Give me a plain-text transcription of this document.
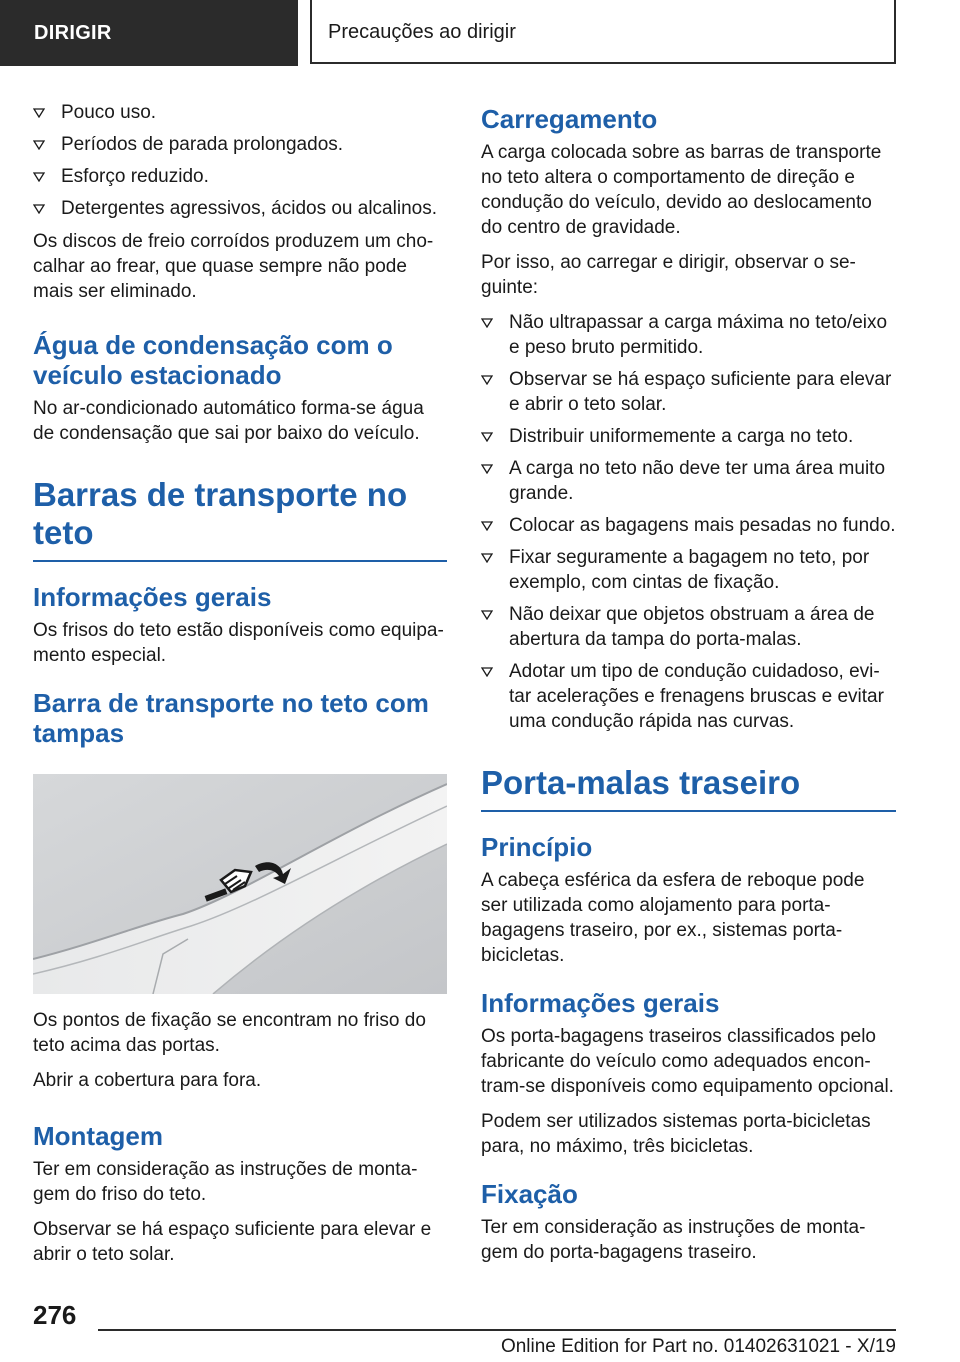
DIRIGIR	Precauções ao dirigir
Pouco uso.
Períodos de parada prolongados.
Esforço reduzido.
Detergentes agressivos, ácidos ou alcalinos.

Os discos de freio corroídos produzem um cho‐calhar ao frear, que quase sempre não pode mais ser eliminado.

Água de condensação com o veículo estacionado

No ar‐condicionado automático forma‐se água de condensação que sai por baixo do veículo.

Barras de transporte no teto
Informações gerais

Os frisos do teto estão disponíveis como equipa‐mento especial.

Barra de transporte no teto com tampas

Os pontos de fixação se encontram no friso do teto acima das portas.

Abrir a cobertura para fora.

Montagem

Ter em consideração as instruções de monta‐gem do friso do teto.

Observar se há espaço suficiente para elevar e abrir o teto solar.

Carregamento

A carga colocada sobre as barras de transporte no teto altera o comportamento de direção e condução do veículo, devido ao deslocamento do centro de gravidade.

Por isso, ao carregar e dirigir, observar o se‐guinte:

Não ultrapassar a carga máxima no teto/eixo e peso bruto permitido.
Observar se há espaço suficiente para elevar e abrir o teto solar.
Distribuir uniformemente a carga no teto.
A carga no teto não deve ter uma área muito grande.
Colocar as bagagens mais pesadas no fundo.
Fixar seguramente a bagagem no teto, por exemplo, com cintas de fixação.
Não deixar que objetos obstruam a área de abertura da tampa do porta‐malas.
Adotar um tipo de condução cuidadoso, evi‐tar acelerações e frenagens bruscas e evitar uma condução rápida nas curvas.
Porta‐malas traseiro
Princípio

A cabeça esférica da esfera de reboque pode ser utilizada como alojamento para porta‐bagagens traseiro, por ex., sistemas porta‐bicicletas.

Informações gerais

Os porta‐bagagens traseiros classificados pelo fabricante do veículo como adequados encon‐tram‐se disponíveis como equipamento opcional.

Podem ser utilizados sistemas porta‐bicicletas para, no máximo, três bicicletas.

Fixação

Ter em consideração as instruções de monta‐gem do porta‐bagagens traseiro.

276
Online Edition for Part no. 01402631021 - X/19
